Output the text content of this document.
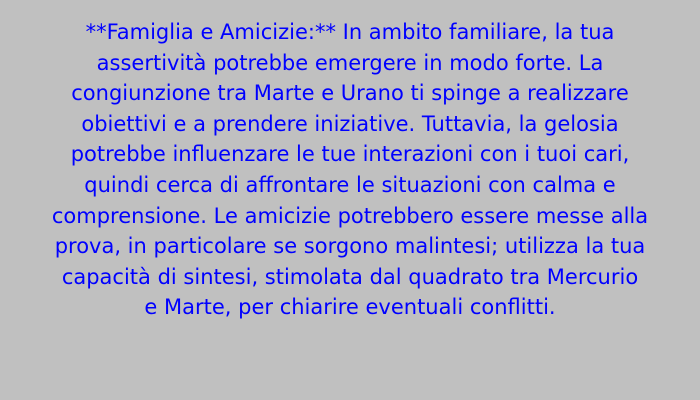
**Famiglia e Amicizie:** In ambito familiare, la tua
assertività potrebbe emergere in modo forte. La
congiunzione tra Marte e Urano ti spinge a realizzare
obiettivi e a prendere iniziative. Tuttavia, la gelosia
potrebbe influenzare le tue interazioni con i tuoi cari,
quindi cerca di affrontare le situazioni con calma e
comprensione. Le amicizie potrebbero essere messe alla
prova, in particolare se sorgono malintesi; utilizza la tua
capacità di sintesi, stimolata dal quadrato tra Mercurio
e Marte, per chiarire eventuali conflitti.
